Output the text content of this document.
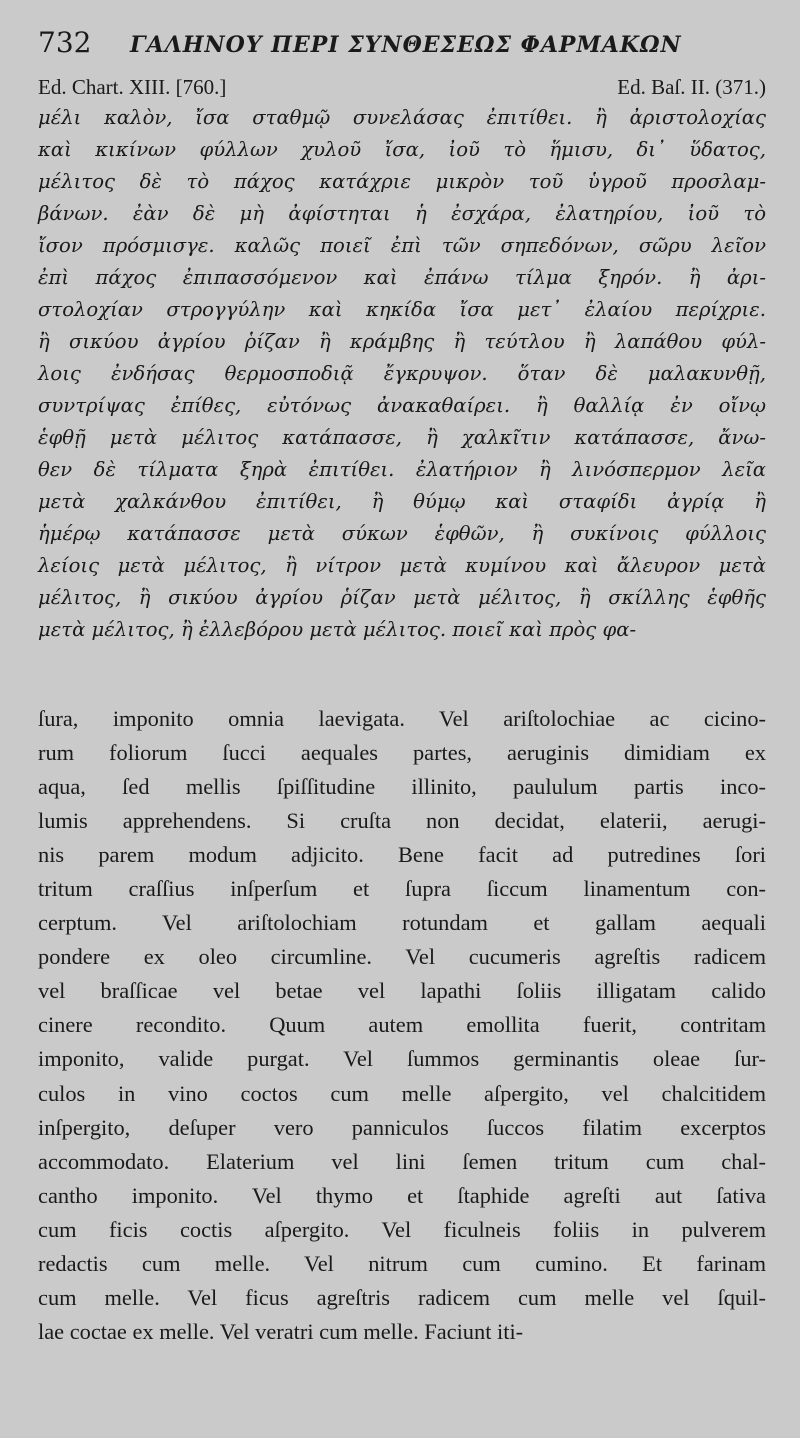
732	ΓΑΛΗΝΟΥ ΠΕΡΙ ΣΥΝΘΕΣΕΩΣ ΦΑΡΜΑΚΩΝ
Ed. Chart. XIII. [760.]	Ed. Baſ. II. (371.)
μέλι καλὸν, ἴσα σταθμῷ συνελάσας ἐπιτίθει. ἢ ἀριστολοχίας
καὶ κικίνων φύλλων χυλοῦ ἴσα, ἰοῦ τὸ ἥμισυ, δι᾿ ὕδατος,
μέλιτος δὲ τὸ πάχος κατάχριε μικρὸν τοῦ ὑγροῦ προσλαμ-
βάνων. ἐὰν δὲ μὴ ἀφίστηται ἡ ἐσχάρα, ἐλατηρίου, ἰοῦ τὸ
ἴσον πρόσμισγε. καλῶς ποιεῖ ἐπὶ τῶν σηπεδόνων, σῶρυ λεῖον
ἐπὶ πάχος ἐπιπασσόμενον καὶ ἐπάνω τίλμα ξηρόν. ἢ ἀρι-
στολοχίαν στρογγύλην καὶ κηκίδα ἴσα μετ᾿ ἐλαίου περίχριε.
ἢ σικύου ἀγρίου ῥίζαν ἢ κράμβης ἢ τεύτλου ἢ λαπάθου φύλ-
λοις ἐνδήσας θερμοσποδιᾷ ἔγκρυψον. ὅταν δὲ μαλακυνθῇ,
συντρίψας ἐπίθες, εὐτόνως ἀνακαθαίρει. ἢ θαλλίᾳ ἐν οἴνῳ
ἑφθῇ μετὰ μέλιτος κατάπασσε, ἢ χαλκῖτιν κατάπασσε, ἄνω-
θεν δὲ τίλματα ξηρὰ ἐπιτίθει. ἐλατήριον ἢ λινόσπερμον λεῖα
μετὰ χαλκάνθου ἐπιτίθει, ἢ θύμῳ καὶ σταφίδι ἀγρίᾳ ἢ
ἡμέρῳ κατάπασσε μετὰ σύκων ἑφθῶν, ἢ συκίνοις φύλλοις
λείοις μετὰ μέλιτος, ἢ νίτρον μετὰ κυμίνου καὶ ἄλευρον μετὰ
μέλιτος, ἢ σικύου ἀγρίου ῥίζαν μετὰ μέλιτος, ἢ σκίλλης ἑφθῆς
μετὰ μέλιτος, ἢ ἐλλεβόρου μετὰ μέλιτος. ποιεῖ καὶ πρὸς φα-
ſura, imponito omnia laevigata. Vel ariſtolochiae ac cicino-
rum foliorum ſucci aequales partes, aeruginis dimidiam ex
aqua, ſed mellis ſpiſſitudine illinito, paululum partis inco-
lumis apprehendens. Si cruſta non decidat, elaterii, aerugi-
nis parem modum adjicito. Bene facit ad putredines ſori
tritum craſſius inſperſum et ſupra ſiccum linamentum con-
cerptum. Vel ariſtolochiam rotundam et gallam aequali
pondere ex oleo circumline. Vel cucumeris agreſtis radicem
vel braſſicae vel betae vel lapathi ſoliis illigatam calido
cinere recondito. Quum autem emollita fuerit, contritam
imponito, valide purgat. Vel ſummos germinantis oleae ſur-
culos in vino coctos cum melle aſpergito, vel chalcitidem
inſpergito, deſuper vero panniculos ſuccos filatim excerptos
accommodato. Elaterium vel lini ſemen tritum cum chal-
cantho imponito. Vel thymo et ſtaphide agreſti aut ſativa
cum ficis coctis aſpergito. Vel ficulneis foliis in pulverem
redactis cum melle. Vel nitrum cum cumino. Et farinam
cum melle. Vel ficus agreſtris radicem cum melle vel ſquil-
lae coctae ex melle. Vel veratri cum melle. Faciunt iti-
